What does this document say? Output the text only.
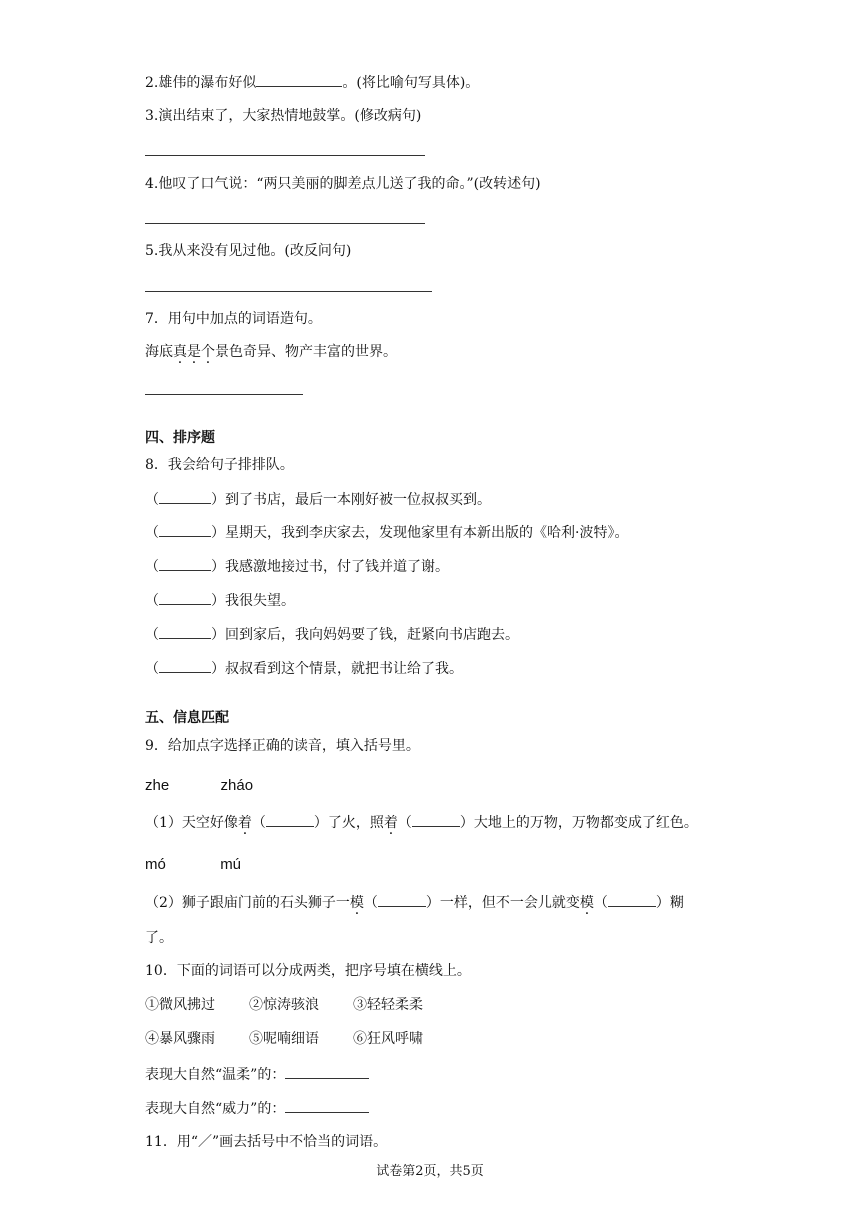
2.雄伟的瀑布好似	。(将比喻句写具体)。
3.演出结束了，大家热情地鼓掌。(修改病句)
4.他叹了口气说：“两只美丽的脚差点儿送了我的命。”(改转述句)
5.我从来没有见过他。(改反问句)
7．用句中加点的词语造句。
海底真是个景色奇异、物产丰富的世界。
四、排序题
8．我会给句子排排队。
（	）到了书店，最后一本刚好被一位叔叔买到。
（	）星期天，我到李庆家去，发现他家里有本新出版的《哈利·波特》。
（	）我感激地接过书，付了钱并道了谢。
（	）我很失望。
（	）回到家后，我向妈妈要了钱，赶紧向书店跑去。
（	）叔叔看到这个情景，就把书让给了我。
五、信息匹配
9．给加点字选择正确的读音，填入括号里。
zhe	zháo
（1）天空好像着（	）了火，照着（	）大地上的万物，万物都变成了红色。
mó	mú
（2）狮子跟庙门前的石头狮子一模（	）一样，但不一会儿就变模（	）糊
了。
10．下面的词语可以分成两类，把序号填在横线上。
①微风拂过 ②惊涛骇浪 ③轻轻柔柔
④暴风骤雨 ⑤呢喃细语 ⑥狂风呼啸
表现大自然“温柔”的：
表现大自然“威力”的：
11．用“／”画去括号中不恰当的词语。
试卷第2页，共5页
